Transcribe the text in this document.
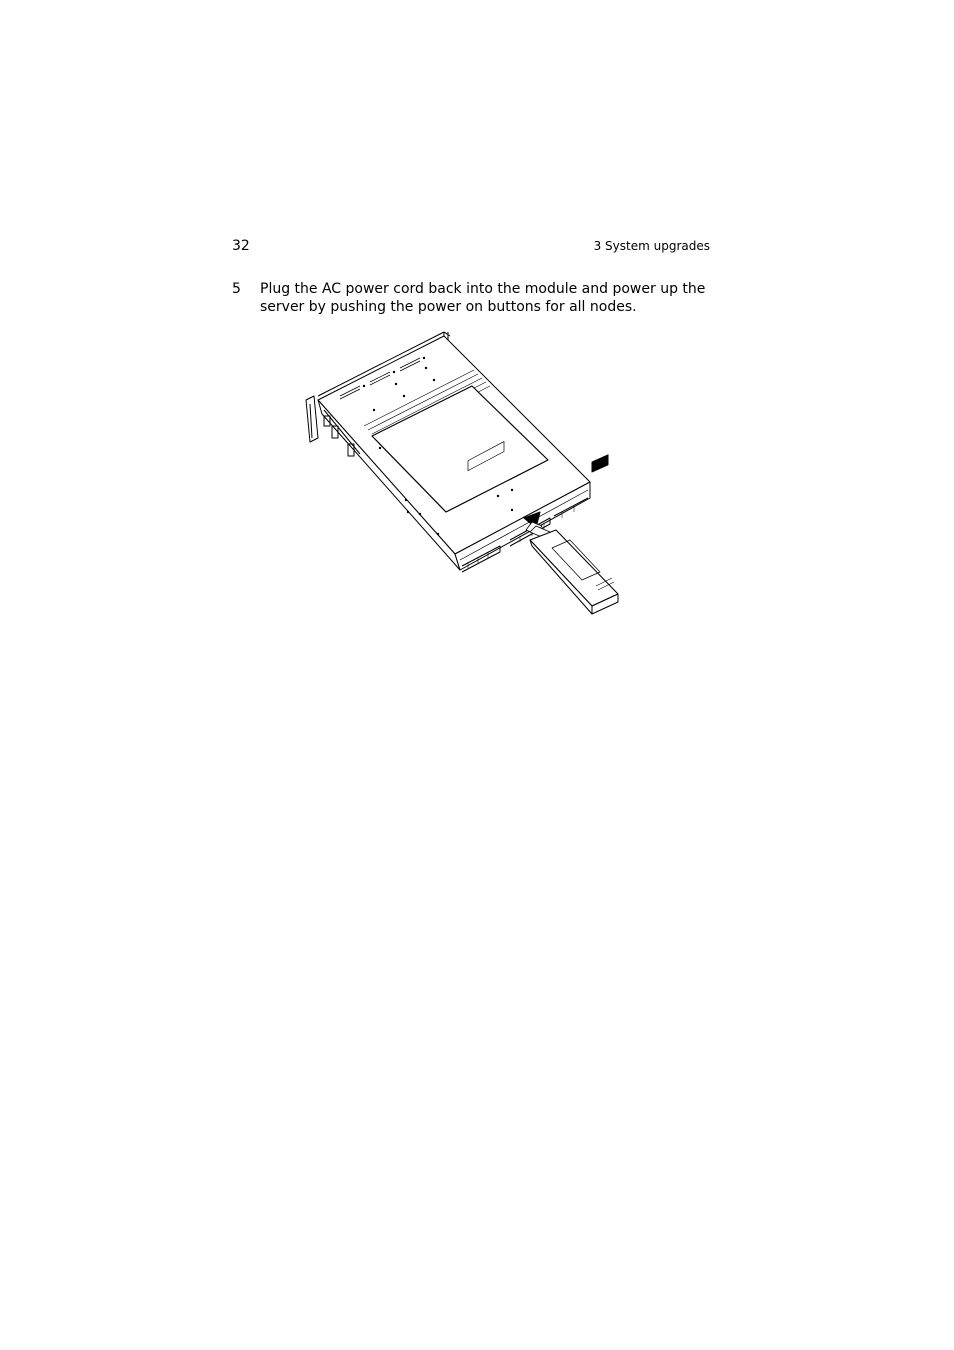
32	3 System upgrades
5 Plug the AC power cord back into the module and power up the server by pushing the power on buttons for all nodes.
